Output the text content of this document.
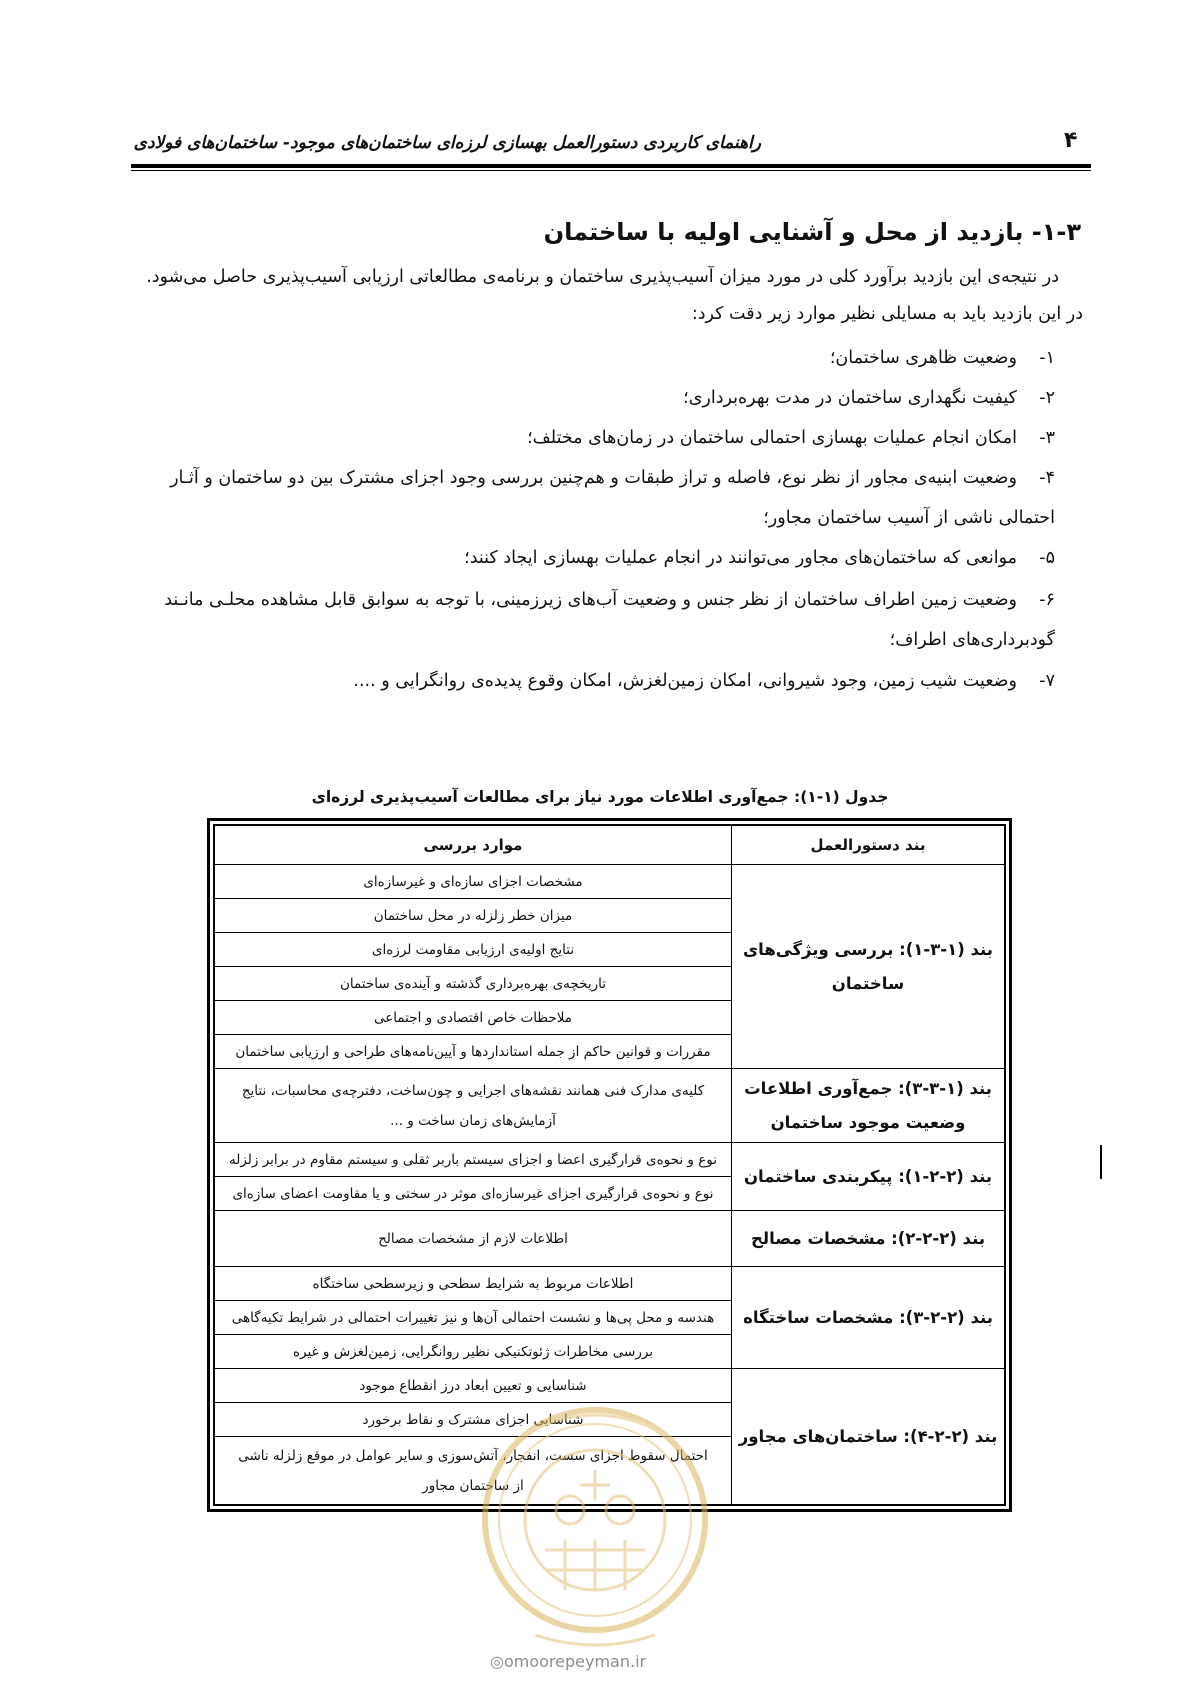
راهنمای کاربردی دستورالعمل بهسازی لرزه‌ای ساختمان‌های موجود- ساختمان‌های فولادی	۴
۱-۳- بازدید از محل و آشنایی اولیه با ساختمان
در نتیجه‌ی این بازدید برآورد کلی در مورد میزان آسیب‌پذیری ساختمان و برنامه‌ی مطالعاتی ارزیابی آسیب‌پذیری حاصل می‌شود.
در این بازدید باید به مسایلی نظیر موارد زیر دقت کرد:
۱-وضعیت ظاهری ساختمان؛
۲-کیفیت نگهداری ساختمان در مدت بهره‌برداری؛
۳-امکان انجام عملیات بهسازی احتمالی ساختمان در زمان‌های مختلف؛
۴-وضعیت ابنیه‌ی مجاور از نظر نوع، فاصله و تراز طبقات و هم‌چنین بررسی وجود اجزای مشترک بین دو ساختمان و آثـار
احتمالی ناشی از آسیب ساختمان مجاور؛
۵-موانعی که ساختمان‌های مجاور می‌توانند در انجام عملیات بهسازی ایجاد کنند؛
۶-وضعیت زمین اطراف ساختمان از نظر جنس و وضعیت آب‌های زیرزمینی، با توجه به سوابق قابل مشاهده محلـی مانـند
گودبرداری‌های اطراف؛
۷-وضعیت شیب زمین، وجود شیروانی، امکان زمین‌لغزش، امکان وقوع پدیده‌ی روانگرایی و ....
جدول (۱-۱): جمع‌آوری اطلاعات مورد نیاز برای مطالعات آسیب‌پذیری لرزه‌ای
بند دستورالعمل	موارد بررسی
بند (۱-۳-۱): بررسی ویژگی‌های ساختمان	مشخصات اجزای سازه‌ای و غیرسازه‌ای
	میزان خطر زلزله در محل ساختمان
	نتایج اولیه‌ی ارزیابی مقاومت لرزه‌ای
	تاریخچه‌ی بهره‌برداری گذشته و آینده‌ی ساختمان
	ملاحظات خاص اقتصادی و اجتماعی
	مقررات و قوانین حاکم از جمله استانداردها و آیین‌نامه‌های طراحی و ارزیابی ساختمان
بند (۱-۳-۳): جمع‌آوری اطلاعات وضعیت موجود ساختمان	کلیه‌ی مدارک فنی همانند نقشه‌های اجرایی و چون‌ساخت، دفترچه‌ی محاسبات، نتایج آزمایش‌های زمان ساخت و ...
بند (۲-۲-۱): پیکربندی ساختمان	نوع و نحوه‌ی قرارگیری اعضا و اجزای سیستم باربر ثقلی و سیستم مقاوم در برابر زلزله
	نوع و نحوه‌ی قرارگیری اجزای غیرسازه‌ای موثر در سختی و یا مقاومت اعضای سازه‌ای
بند (۲-۲-۲): مشخصات مصالح	اطلاعات لازم از مشخصات مصالح
بند (۲-۲-۳): مشخصات ساختگاه	اطلاعات مربوط به شرایط سطحی و زیرسطحی ساختگاه
	هندسه و محل پی‌ها و نشست احتمالی آن‌ها و نیز تغییرات احتمالی در شرایط تکیه‌گاهی
	بررسی مخاطرات ژئوتکنیکی نظیر روانگرایی، زمین‌لغزش و غیره
بند (۲-۲-۴): ساختمان‌های مجاور	شناسایی و تعیین ابعاد درز انقطاع موجود
	شناسایی اجزای مشترک و نقاط برخورد
	احتمال سقوط اجزای سست، انفجار، آتش‌سوزی و سایر عوامل در موقع زلزله ناشی از ساختمان مجاور
◎omoorepeyman.ir
